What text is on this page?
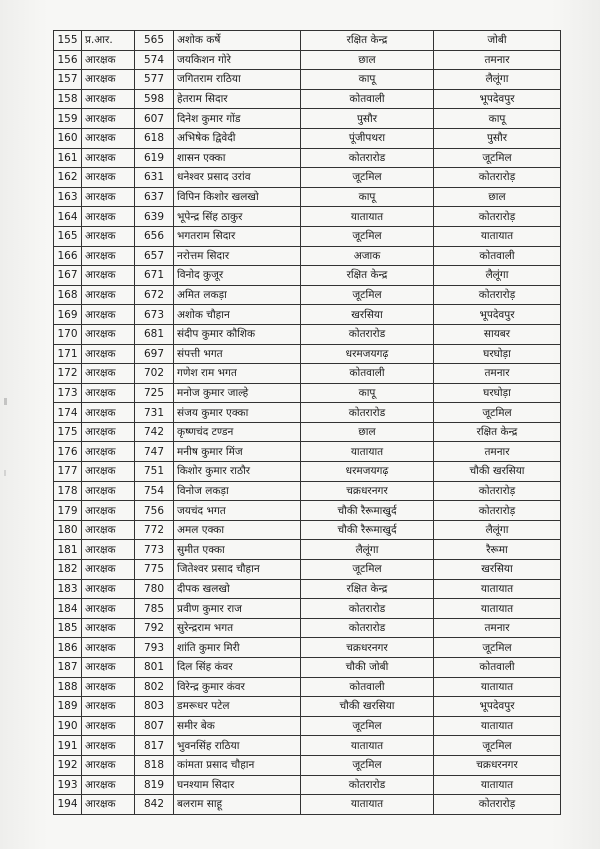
155	प्र.आर.	565	अशोक कर्षे	रक्षित केन्द्र	जोबी
156	आरक्षक	574	जयकिशन गोरे	छाल	तमनार
157	आरक्षक	577	जगितराम राठिया	कापू	लैलूंगा
158	आरक्षक	598	हेतराम सिदार	कोतवाली	भूपदेवपुर
159	आरक्षक	607	दिनेश कुमार गोंड	पुसौर	कापू
160	आरक्षक	618	अभिषेक द्विवेदी	पूंजीपथरा	पुसौर
161	आरक्षक	619	शासन एक्का	कोतरारोड	जूटमिल
162	आरक्षक	631	धनेश्वर प्रसाद उरांव	जूटमिल	कोतरारोड़
163	आरक्षक	637	विपिन किशोर खलखो	कापू	छाल
164	आरक्षक	639	भूपेन्द्र सिंह ठाकुर	यातायात	कोतरारोड़
165	आरक्षक	656	भगतराम सिदार	जूटमिल	यातायात
166	आरक्षक	657	नरोत्तम सिदार	अजाक	कोतवाली
167	आरक्षक	671	विनोद कुजूर	रक्षित केन्द्र	लैलूंगा
168	आरक्षक	672	अमित लकड़ा	जूटमिल	कोतरारोड़
169	आरक्षक	673	अशोक चौहान	खरसिया	भूपदेवपुर
170	आरक्षक	681	संदीप कुमार कौशिक	कोतरारोड	सायबर
171	आरक्षक	697	संपत्ती भगत	धरमजयगढ़	घरघोड़ा
172	आरक्षक	702	गणेश राम भगत	कोतवाली	तमनार
173	आरक्षक	725	मनोज कुमार जाल्हे	कापू	घरघोड़ा
174	आरक्षक	731	संजय कुमार एक्का	कोतरारोड	जूटमिल
175	आरक्षक	742	कृष्णचंद टण्डन	छाल	रक्षित केन्द्र
176	आरक्षक	747	मनीष कुमार मिंज	यातायात	तमनार
177	आरक्षक	751	किशोर कुमार राठौर	धरमजयगढ़	चौकी खरसिया
178	आरक्षक	754	विनोज लकड़ा	चक्रधरनगर	कोतरारोड़
179	आरक्षक	756	जयचंद भगत	चौकी रैरूमाखुर्द	कोतरारोड़
180	आरक्षक	772	अमल एक्का	चौकी रैरूमाखुर्द	लैलूंगा
181	आरक्षक	773	सुमीत एक्का	लैलूंगा	रैरूमा
182	आरक्षक	775	जितेश्वर प्रसाद चौहान	जूटमिल	खरसिया
183	आरक्षक	780	दीपक खलखो	रक्षित केन्द्र	यातायात
184	आरक्षक	785	प्रवीण कुमार राज	कोतरारोड	यातायात
185	आरक्षक	792	सुरेन्द्रराम भगत	कोतरारोड	तमनार
186	आरक्षक	793	शांति कुमार मिरी	चक्रधरनगर	जूटमिल
187	आरक्षक	801	दिल सिंह कंवर	चौकी जोबी	कोतवाली
188	आरक्षक	802	विरेन्द्र कुमार कंवर	कोतवाली	यातायात
189	आरक्षक	803	डमरूधर पटेल	चौकी खरसिया	भूपदेवपुर
190	आरक्षक	807	समीर बेक	जूटमिल	यातायात
191	आरक्षक	817	भुवनसिंह राठिया	यातायात	जूटमिल
192	आरक्षक	818	कांमता प्रसाद चौहान	जूटमिल	चक्रधरनगर
193	आरक्षक	819	घनश्याम सिदार	कोतरारोड	यातायात
194	आरक्षक	842	बलराम साहू	यातायात	कोतरारोड़
